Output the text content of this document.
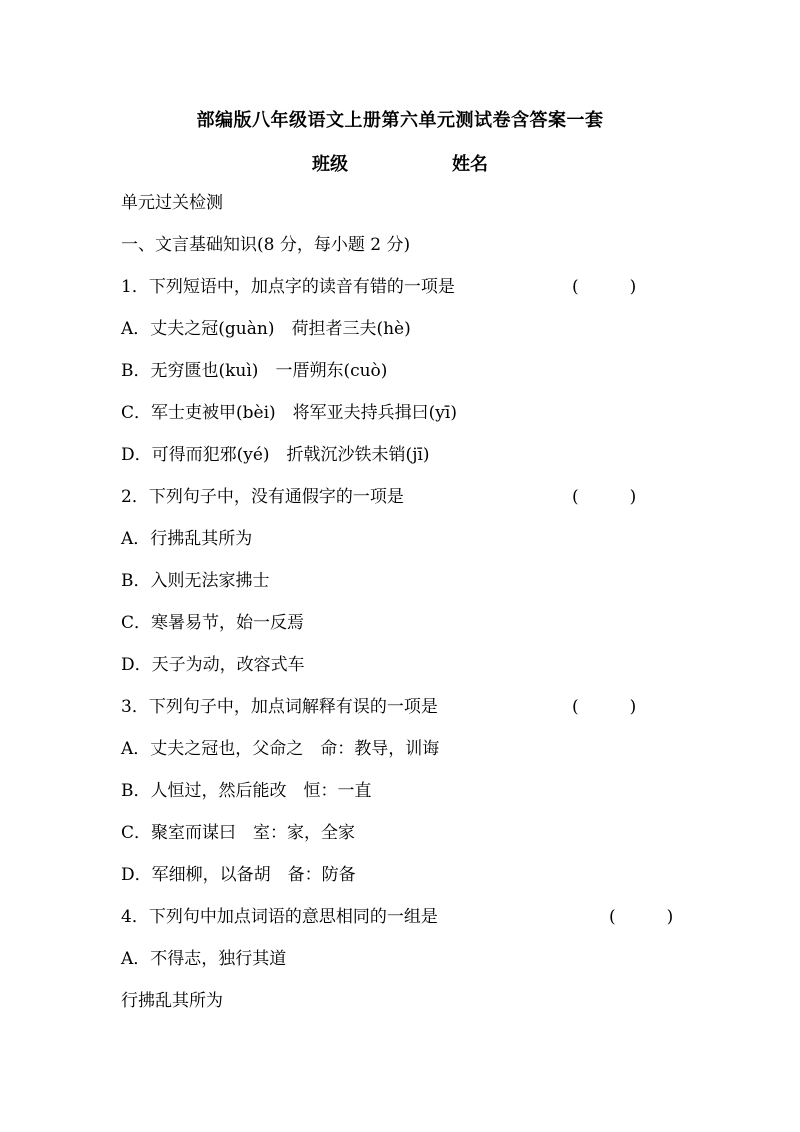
部编版八年级语文上册第六单元测试卷含答案一套
班级	姓名
单元过关检测
一、文言基础知识(8 分，每小题 2 分)
1．下列短语中，加点字的读音有错的一项是	(　　　)
A．丈夫之冠(guàn)　荷担者三夫(hè)
B．无穷匮也(kuì)　一厝朔东(cuò)
C．军士吏被甲(bèi)　将军亚夫持兵揖曰(yī)
D．可得而犯邪(yé)　折戟沉沙铁未销(jī)
2．下列句子中，没有通假字的一项是	(　　　)
A．行拂乱其所为
B．入则无法家拂士
C．寒暑易节，始一反焉
D．天子为动，改容式车
3．下列句子中，加点词解释有误的一项是	(　　　)
A．丈夫之冠也，父命之　命：教导，训诲
B．人恒过，然后能改　恒：一直
C．聚室而谋曰　室：家，全家
D．军细柳，以备胡　备：防备
4．下列句中加点词语的意思相同的一组是	(　　　)
A．不得志，独行其道
行拂乱其所为
